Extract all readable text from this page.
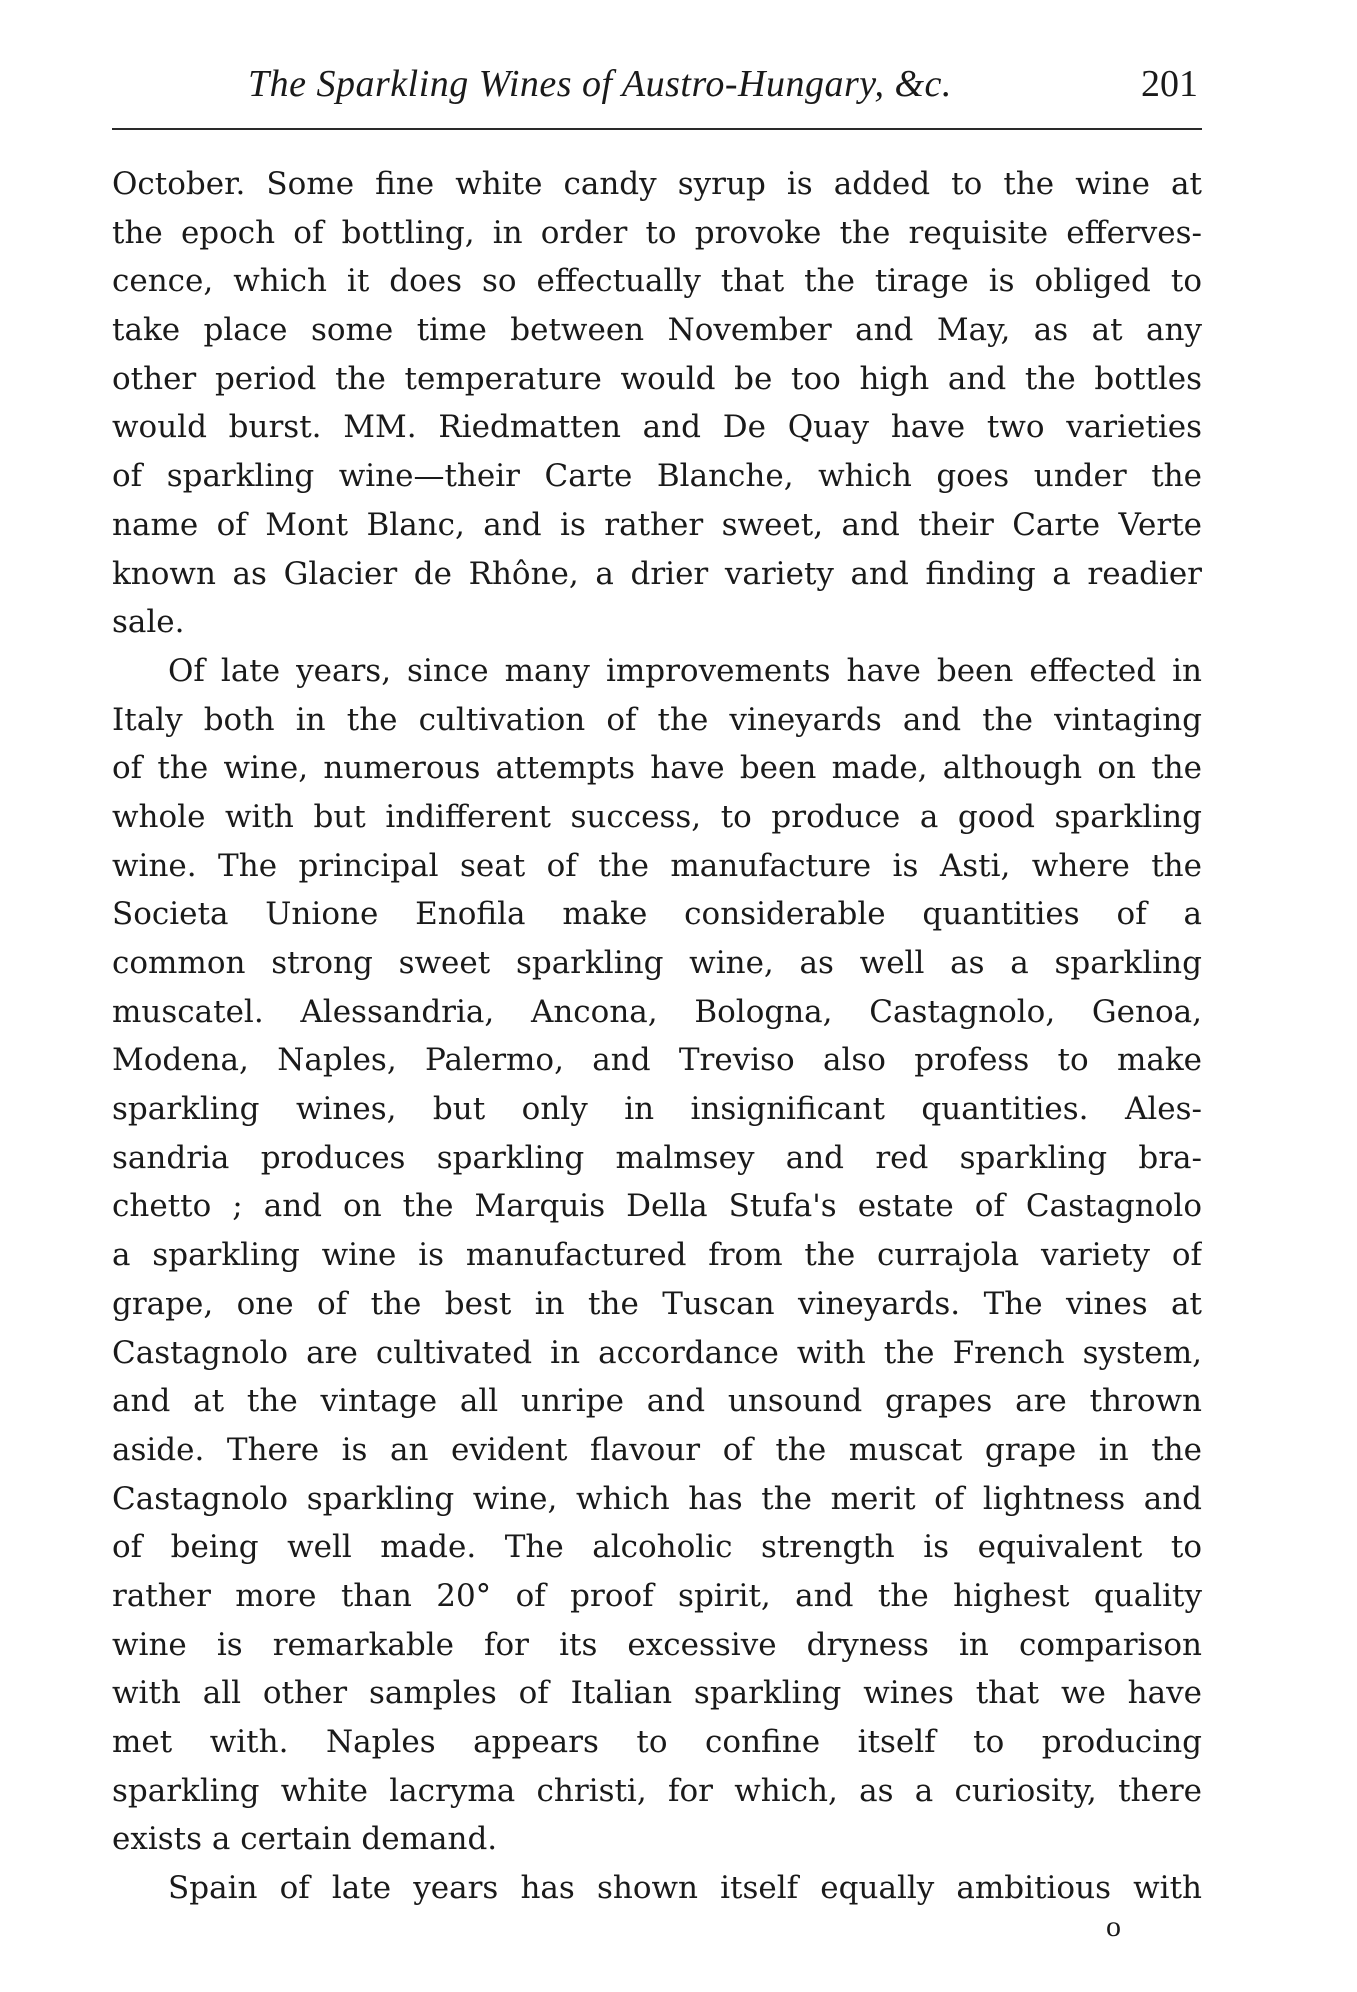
The Sparkling Wines of Austro-Hungary, &c.	201
October. Some fine white candy syrup is added to the wine at
the epoch of bottling, in order to provoke the requisite efferves-
cence, which it does so effectually that the tirage is obliged to
take place some time between November and May, as at any
other period the temperature would be too high and the bottles
would burst. MM. Riedmatten and De Quay have two varieties
of sparkling wine—their Carte Blanche, which goes under the
name of Mont Blanc, and is rather sweet, and their Carte Verte
known as Glacier de Rhône, a drier variety and finding a readier
sale.
Of late years, since many improvements have been effected in
Italy both in the cultivation of the vineyards and the vintaging
of the wine, numerous attempts have been made, although on the
whole with but indifferent success, to produce a good sparkling
wine. The principal seat of the manufacture is Asti, where the
Societa Unione Enofila make considerable quantities of a
common strong sweet sparkling wine, as well as a sparkling
muscatel. Alessandria, Ancona, Bologna, Castagnolo, Genoa,
Modena, Naples, Palermo, and Treviso also profess to make
sparkling wines, but only in insignificant quantities. Ales-
sandria produces sparkling malmsey and red sparkling bra-
chetto ; and on the Marquis Della Stufa's estate of Castagnolo
a sparkling wine is manufactured from the currajola variety of
grape, one of the best in the Tuscan vineyards. The vines at
Castagnolo are cultivated in accordance with the French system,
and at the vintage all unripe and unsound grapes are thrown
aside. There is an evident flavour of the muscat grape in the
Castagnolo sparkling wine, which has the merit of lightness and
of being well made. The alcoholic strength is equivalent to
rather more than 20° of proof spirit, and the highest quality
wine is remarkable for its excessive dryness in comparison
with all other samples of Italian sparkling wines that we have
met with. Naples appears to confine itself to producing
sparkling white lacryma christi, for which, as a curiosity, there
exists a certain demand.
Spain of late years has shown itself equally ambitious with
o
